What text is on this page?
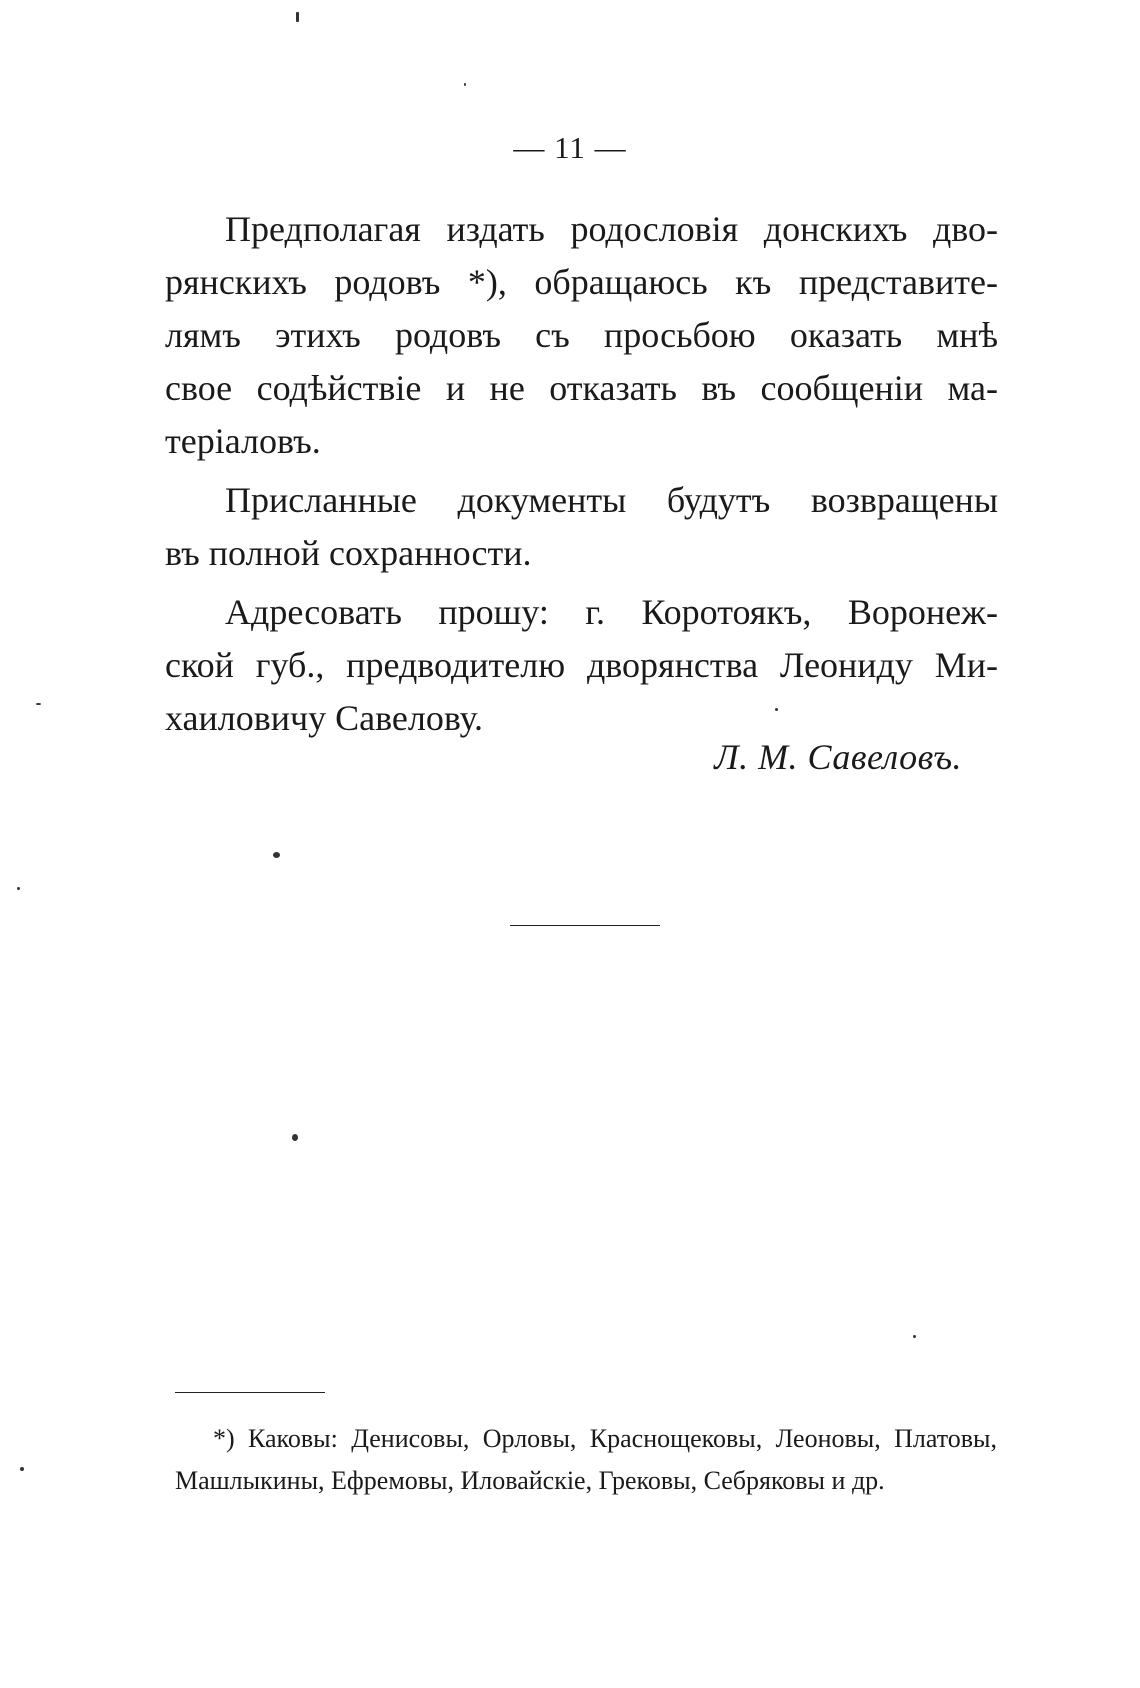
— 11 —

Предполагая издать родословія донскихъ дво-
рянскихъ родовъ *), обращаюсь къ представите-
лямъ этихъ родовъ съ просьбою оказать мнѣ
свое содѣйствіе и не отказать въ сообщеніи ма-
теріаловъ.

Присланные документы будутъ возвращены
въ полной сохранности.

Адресовать прошу: г. Коротоякъ, Воронеж-
ской губ., предводителю дворянства Леониду Ми-
хаиловичу Савелову.

Л. М. Савеловъ.
*) Каковы: Денисовы, Орловы, Краснощековы, Леоновы, Платовы,
Машлыкины, Ефремовы, Иловайскіе, Грековы, Себряковы и др.
